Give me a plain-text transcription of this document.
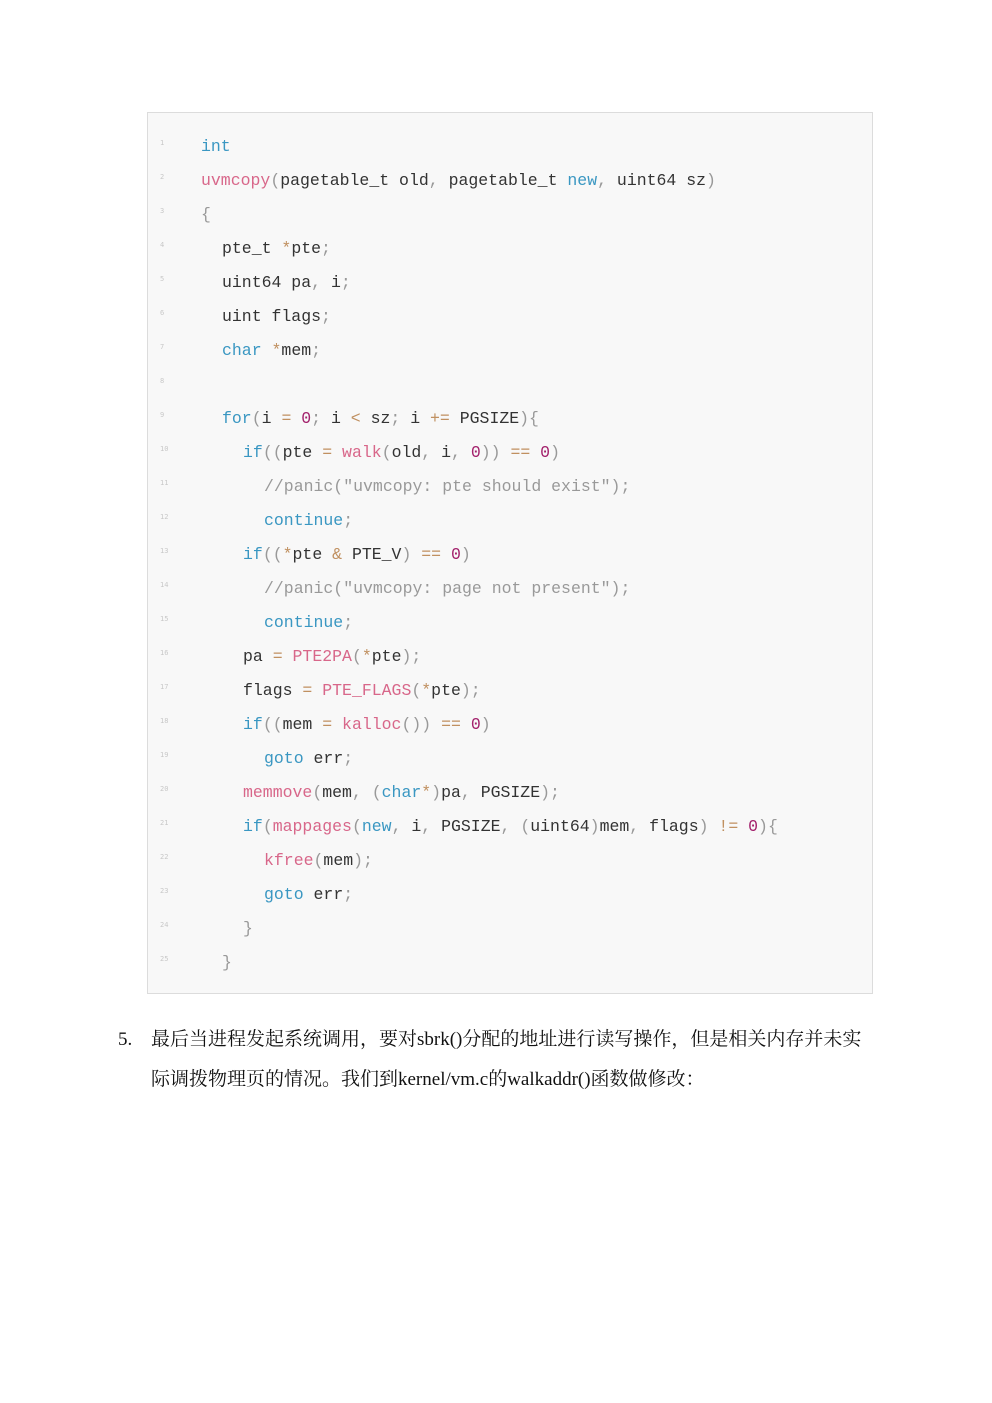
1 int
2 uvmcopy(pagetable_t old, pagetable_t new, uint64 sz)
3 {
4	pte_t *pte;
5	uint64 pa, i;
6	uint flags;
7	char *mem;
8
9	for(i = 0; i < sz; i += PGSIZE){
10	if((pte = walk(old, i, 0)) == 0)
11	//panic("uvmcopy: pte should exist");
12	continue;
13	if((*pte & PTE_V) == 0)
14	//panic("uvmcopy: page not present");
15	continue;
16	pa = PTE2PA(*pte);
17	flags = PTE_FLAGS(*pte);
18	if((mem = kalloc()) == 0)
19	goto err;
20	memmove(mem, (char*)pa, PGSIZE);
21	if(mappages(new, i, PGSIZE, (uint64)mem, flags) != 0){
22	kfree(mem);
23	goto err;
24	}
25	}
5. 最后当进程发起系统调用，要对sbrk()分配的地址进行读写操作，但是相关内存并未实际调拨物理页的情况。我们到kernel/vm.c的walkaddr()函数做修改：
